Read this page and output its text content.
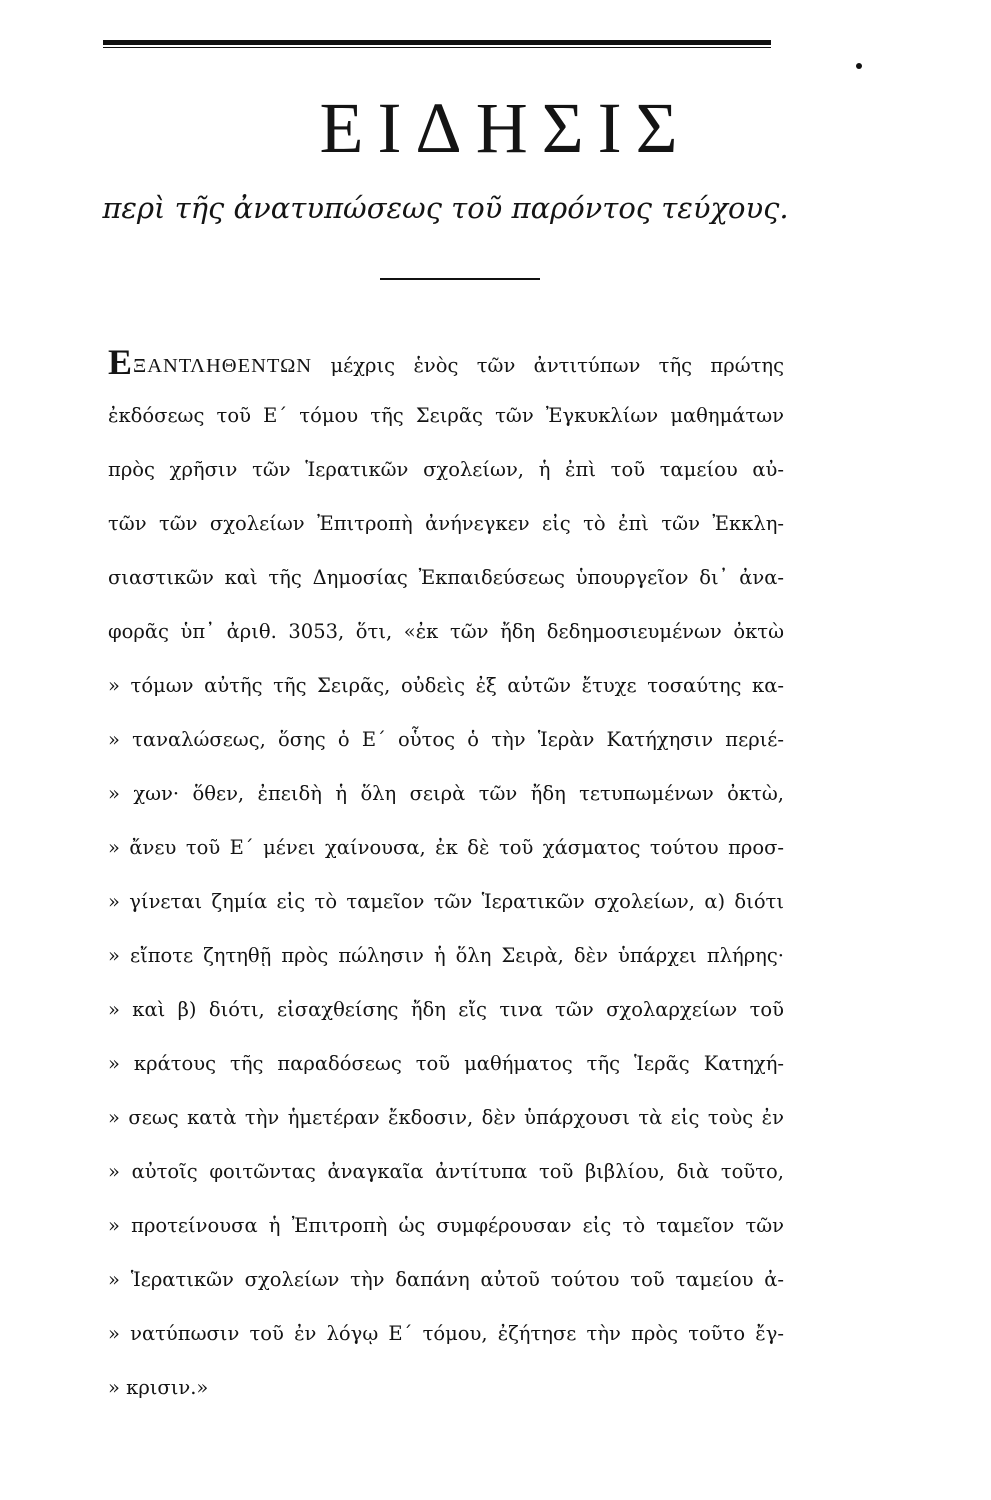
ΕΙΔΗΣΙΣ
περὶ τῆς ἀνατυπώσεως τοῦ παρόντος τεύχους.
ΕΞΑΝΤΛΗΘΕΝΤΩΝ μέχρις ἑνὸς τῶν ἀντιτύπων τῆς πρώτης
ἐκδόσεως τοῦ Ε΄ τόμου τῆς Σειρᾶς τῶν Ἐγκυκλίων μαθημάτων
πρὸς χρῆσιν τῶν Ἱερατικῶν σχολείων, ἡ ἐπὶ τοῦ ταμείου αὐ-
τῶν τῶν σχολείων Ἐπιτροπὴ ἀνήνεγκεν εἰς τὸ ἐπὶ τῶν Ἐκκλη-
σιαστικῶν καὶ τῆς Δημοσίας Ἐκπαιδεύσεως ὑπουργεῖον δι᾽ ἀνα-
φορᾶς ὑπ᾽ ἀριθ. 3053, ὅτι, «ἐκ τῶν ἤδη δεδημοσιευμένων ὀκτὼ
» τόμων αὐτῆς τῆς Σειρᾶς, οὐδεὶς ἐξ αὐτῶν ἔτυχε τοσαύτης κα-
» ταναλώσεως, ὅσης ὁ Ε΄ οὗτος ὁ τὴν Ἱερὰν Κατήχησιν περιέ-
» χων· ὅθεν, ἐπειδὴ ἡ ὅλη σειρὰ τῶν ἤδη τετυπωμένων ὀκτὼ,
» ἄνευ τοῦ Ε΄ μένει χαίνουσα, ἐκ δὲ τοῦ χάσματος τούτου προσ-
» γίνεται ζημία εἰς τὸ ταμεῖον τῶν Ἱερατικῶν σχολείων, α) διότι
» εἴποτε ζητηθῇ πρὸς πώλησιν ἡ ὅλη Σειρὰ, δὲν ὑπάρχει πλήρης·
» καὶ β) διότι, εἰσαχθείσης ἤδη εἴς τινα τῶν σχολαρχείων τοῦ
» κράτους τῆς παραδόσεως τοῦ μαθήματος τῆς Ἱερᾶς Κατηχή-
» σεως κατὰ τὴν ἡμετέραν ἔκδοσιν, δὲν ὑπάρχουσι τὰ εἰς τοὺς ἐν
» αὐτοῖς φοιτῶντας ἀναγκαῖα ἀντίτυπα τοῦ βιβλίου, διὰ τοῦτο,
» προτείνουσα ἡ Ἐπιτροπὴ ὡς συμφέρουσαν εἰς τὸ ταμεῖον τῶν
» Ἱερατικῶν σχολείων τὴν δαπάνη αὐτοῦ τούτου τοῦ ταμείου ἀ-
» νατύπωσιν τοῦ ἐν λόγῳ Ε΄ τόμου, ἐζήτησε τὴν πρὸς τοῦτο ἔγ-
» κρισιν.»
